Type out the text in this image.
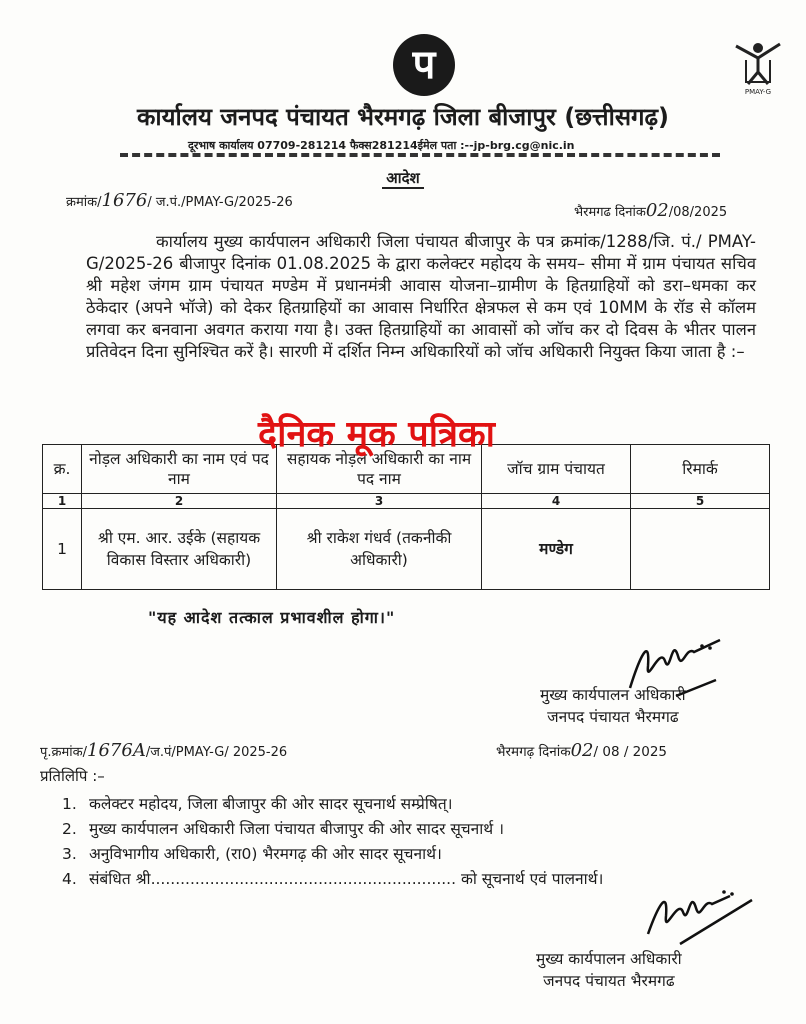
प
PMAY-G
कार्यालय जनपद पंचायत भैरमगढ़ जिला बीजापुर (छत्तीसगढ़)
दूरभाष कार्यालय 07709-281214 फैक्स281214ईमेल पता :--jp-brg.cg@nic.in
आदेश
क्रमांक/1676/ ज.पं./PMAY-G/2025-26
भैरमगढ दिनांक02/08/2025

कार्यालय मुख्य कार्यपालन अधिकारी जिला पंचायत बीजापुर के पत्र क्रमांक/1288/जि. पं./ PMAY-G/2025-26 बीजापुर दिनांक 01.08.2025 के द्वारा कलेक्टर महोदय के समय– सीमा में ग्राम पंचायत सचिव श्री महेश जंगम ग्राम पंचायत मण्डेम में प्रधानमंत्री आवास योजना–ग्रामीण के हितग्राहियों को डरा–धमका कर ठेकेदार (अपने भॉजे) को देकर हितग्राहियों का आवास निर्धारित क्षेत्रफल से कम एवं 10MM के रॉड से कॉलम लगवा कर बनवाना अवगत कराया गया है। उक्त हितग्राहियों का आवासों को जॉच कर दो दिवस के भीतर पालन प्रतिवेदन दिना सुनिश्चित करें है। सारणी में दर्शित निम्न अधिकारियों को जॉच अधिकारी नियुक्त किया जाता है :–

क्र.	नोड़ल अधिकारी का नाम एवं पद नाम	सहायक नोड़ल अधिकारी का नाम पद नाम	जॉच ग्राम पंचायत	रिमार्क
1	2	3	4	5
1	श्री एम. आर. उईके (सहायक विकास विस्तार अधिकारी)	श्री राकेश गंधर्व (तकनीकी अधिकारी)	मण्डेग	
दैनिक मूक पत्रिका
"यह आदेश तत्काल प्रभावशील होगा।"
मुख्य कार्यपालन अधिकारी
जनपद पंचायत भैरमगढ
पृ.क्रमांक/1676A/ज.पं/PMAY-G/ 2025-26	भैरमगढ़ दिनांक02/ 08 / 2025
प्रतिलिपि :–
1. कलेक्टर महोदय, जिला बीजापुर की ओर सादर सूचनार्थ सम्प्रेषित्।
2. मुख्य कार्यपालन अधिकारी जिला पंचायत बीजापुर की ओर सादर सूचनार्थ ।
3. अनुविभागीय अधिकारी, (रा0) भैरमगढ़ की ओर सादर सूचनार्थ।
4. संबंधित श्री.............................................................. को सूचनार्थ एवं पालनार्थ।
मुख्य कार्यपालन अधिकारी
जनपद पंचायत भैरमगढ
